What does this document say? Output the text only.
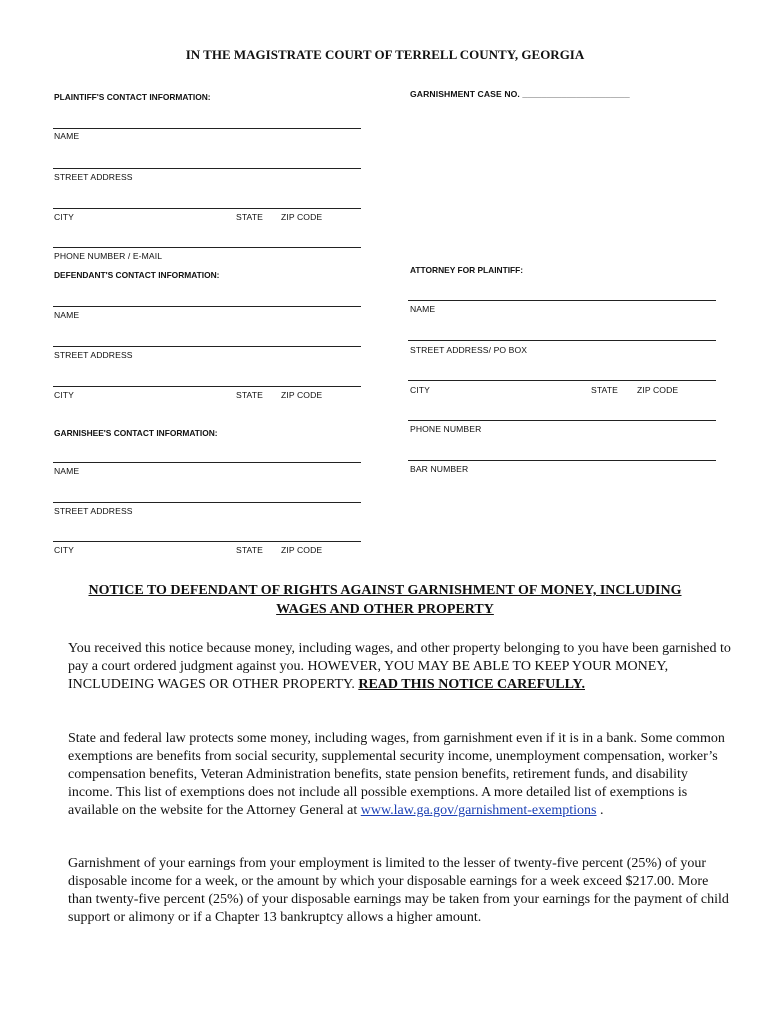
IN THE MAGISTRATE COURT OF TERRELL COUNTY, GEORGIA
GARNISHMENT CASE NO. ______________________
PLAINTIFF'S CONTACT INFORMATION:
NAME
STREET ADDRESS
CITY	STATE ZIP CODE
PHONE NUMBER / E-MAIL
DEFENDANT'S CONTACT INFORMATION:
NAME
STREET ADDRESS
CITY	STATE ZIP CODE
GARNISHEE'S CONTACT INFORMATION:
NAME
STREET ADDRESS
CITY	STATE ZIP CODE
ATTORNEY FOR PLAINTIFF:
NAME
STREET ADDRESS/ PO BOX
CITY	STATE ZIP CODE
PHONE NUMBER
BAR NUMBER
NOTICE TO DEFENDANT OF RIGHTS AGAINST GARNISHMENT OF MONEY, INCLUDING
WAGES AND OTHER PROPERTY
You received this notice because money, including wages, and other property belonging to you have been garnished to pay a court ordered judgment against you. HOWEVER, YOU MAY BE ABLE TO KEEP YOUR MONEY, INCLUDEING WAGES OR OTHER PROPERTY. READ THIS NOTICE CAREFULLY.
State and federal law protects some money, including wages, from garnishment even if it is in a bank. Some common exemptions are benefits from social security, supplemental security income, unemployment compensation, worker’s compensation benefits, Veteran Administration benefits, state pension benefits, retirement funds, and disability income. This list of exemptions does not include all possible exemptions. A more detailed list of exemptions is available on the website for the Attorney General at www.law.ga.gov/garnishment-exemptions .
Garnishment of your earnings from your employment is limited to the lesser of twenty-five percent (25%) of your disposable income for a week, or the amount by which your disposable earnings for a week exceed $217.00. More than twenty-five percent (25%) of your disposable earnings may be taken from your earnings for the payment of child support or alimony or if a Chapter 13 bankruptcy allows a higher amount.
